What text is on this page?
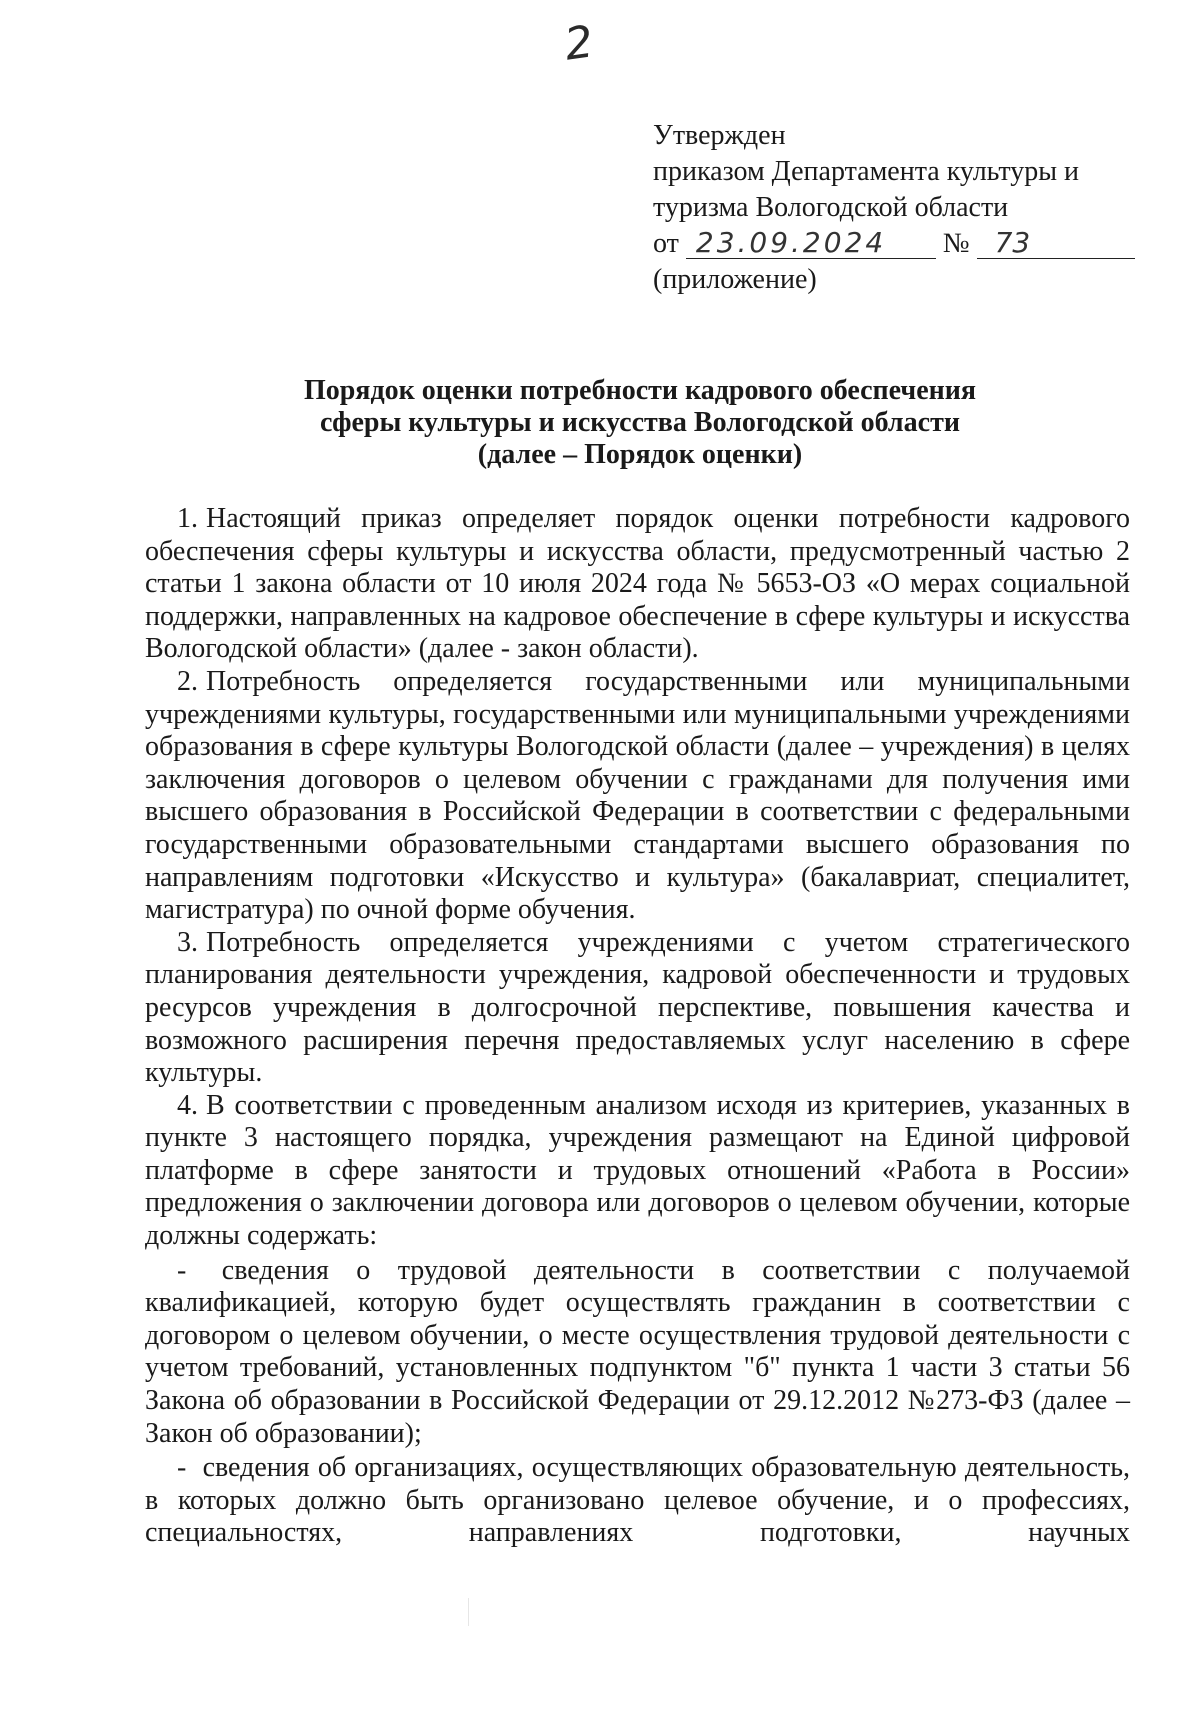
2
Утвержден
приказом Департамента культуры и
туризма Вологодской области
от 23.09.2024 № 73
(приложение)
Порядок оценки потребности кадрового обеспечения
сферы культуры и искусства Вологодской области
(далее – Порядок оценки)

1. Настоящий приказ определяет порядок оценки потребности кадрового обеспечения сферы культуры и искусства области, предусмотренный частью 2 статьи 1 закона области от 10 июля 2024 года № 5653-ОЗ «О мерах социальной поддержки, направленных на кадровое обеспечение в сфере культуры и искусства Вологодской области» (далее - закон области).

2. Потребность определяется государственными или муниципальными учреждениями культуры, государственными или муниципальными учреждениями образования в сфере культуры Вологодской области (далее – учреждения) в целях заключения договоров о целевом обучении с гражданами для получения ими высшего образования в Российской Федерации в соответствии с федеральными государственными образовательными стандартами высшего образования по направлениям подготовки «Искусство и культура» (бакалавриат, специалитет, магистратура) по очной форме обучения.

3. Потребность определяется учреждениями с учетом стратегического планирования деятельности учреждения, кадровой обеспеченности и трудовых ресурсов учреждения в долгосрочной перспективе, повышения качества и возможного расширения перечня предоставляемых услуг населению в сфере культуры.

4. В соответствии с проведенным анализом исходя из критериев, указанных в пункте 3 настоящего порядка, учреждения размещают на Единой цифровой платформе в сфере занятости и трудовых отношений «Работа в России» предложения о заключении договора или договоров о целевом обучении, которые должны содержать:

- сведения о трудовой деятельности в соответствии с получаемой квалификацией, которую будет осуществлять гражданин в соответствии с договором о целевом обучении, о месте осуществления трудовой деятельности с учетом требований, установленных подпунктом "б" пункта 1 части 3 статьи 56 Закона об образовании в Российской Федерации от 29.12.2012 №273-ФЗ (далее – Закон об образовании);

- сведения об организациях, осуществляющих образовательную деятельность, в которых должно быть организовано целевое обучение, и о профессиях, специальностях, направлениях подготовки, научных
